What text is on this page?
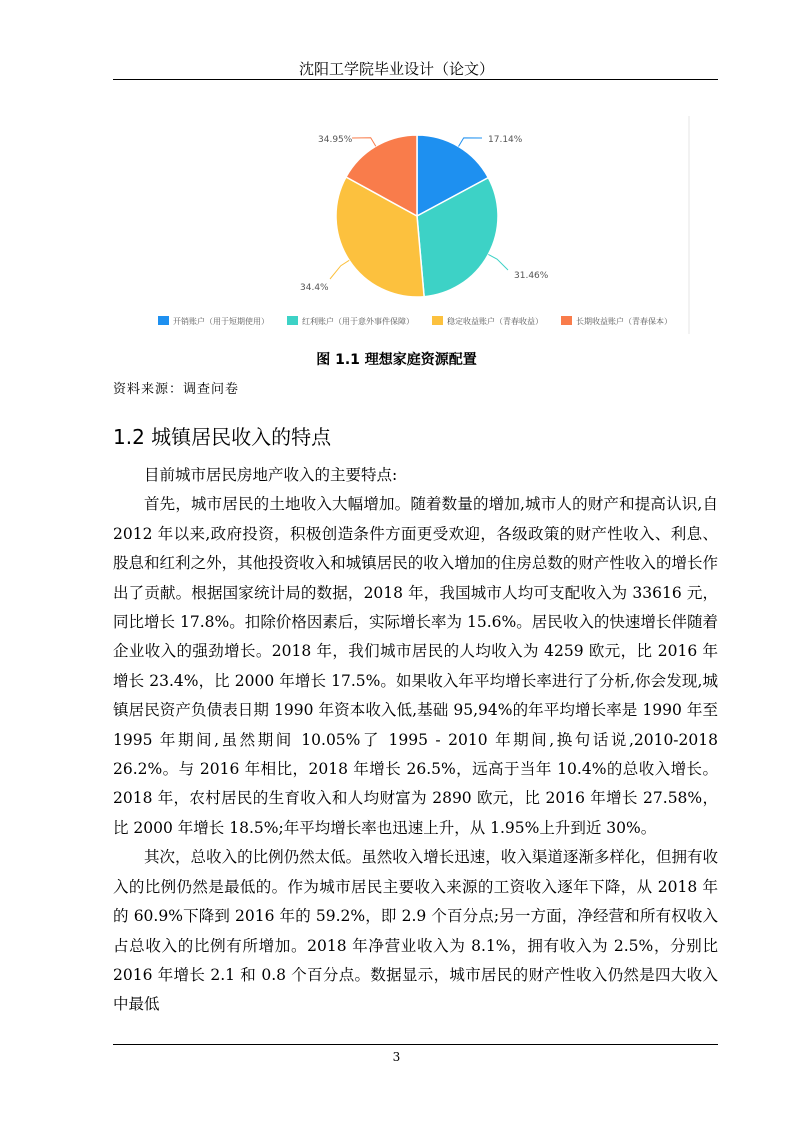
沈阳工学院毕业设计（论文）
17.14%
31.46%
34.4%
34.95%
开销账户（用于短期使用）	红利账户（用于意外事件保障）	稳定收益账户（青春收益）	长期收益账户（青春保本）
图 1.1 理想家庭资源配置
资料来源：调查问卷
1.2 城镇居民收入的特点

目前城市居民房地产收入的主要特点:

首先，城市居民的土地收入大幅增加。随着数量的增加,城市人的财产和提高认识,自 2012 年以来,政府投资，积极创造条件方面更受欢迎，各级政策的财产性收入、利息、股息和红利之外，其他投资收入和城镇居民的收入增加的住房总数的财产性收入的增长作出了贡献。根据国家统计局的数据，2018 年，我国城市人均可支配收入为 33616 元，同比增长 17.8%。扣除价格因素后，实际增长率为 15.6%。居民收入的快速增长伴随着企业收入的强劲增长。2018 年，我们城市居民的人均收入为 4259 欧元，比 2016 年增长 23.4%，比 2000 年增长 17.5%。如果收入年平均增长率进行了分析,你会发现,城镇居民资产负债表日期 1990 年资本收入低,基础 95,94%的年平均增长率是 1990 年至 1995 年期间,虽然期间 10.05%了 1995 - 2010 年期间,换句话说,2010-2018 26.2%。与 2016 年相比，2018 年增长 26.5%，远高于当年 10.4%的总收入增长。2018 年，农村居民的生育收入和人均财富为 2890 欧元，比 2016 年增长 27.58%，比 2000 年增长 18.5%;年平均增长率也迅速上升，从 1.95%上升到近 30%。

其次，总收入的比例仍然太低。虽然收入增长迅速，收入渠道逐渐多样化，但拥有收入的比例仍然是最低的。作为城市居民主要收入来源的工资收入逐年下降，从 2018 年的 60.9%下降到 2016 年的 59.2%，即 2.9 个百分点;另一方面，净经营和所有权收入占总收入的比例有所增加。2018 年净营业收入为 8.1%，拥有收入为 2.5%，分别比 2016 年增长 2.1 和 0.8 个百分点。数据显示，城市居民的财产性收入仍然是四大收入中最低

3
